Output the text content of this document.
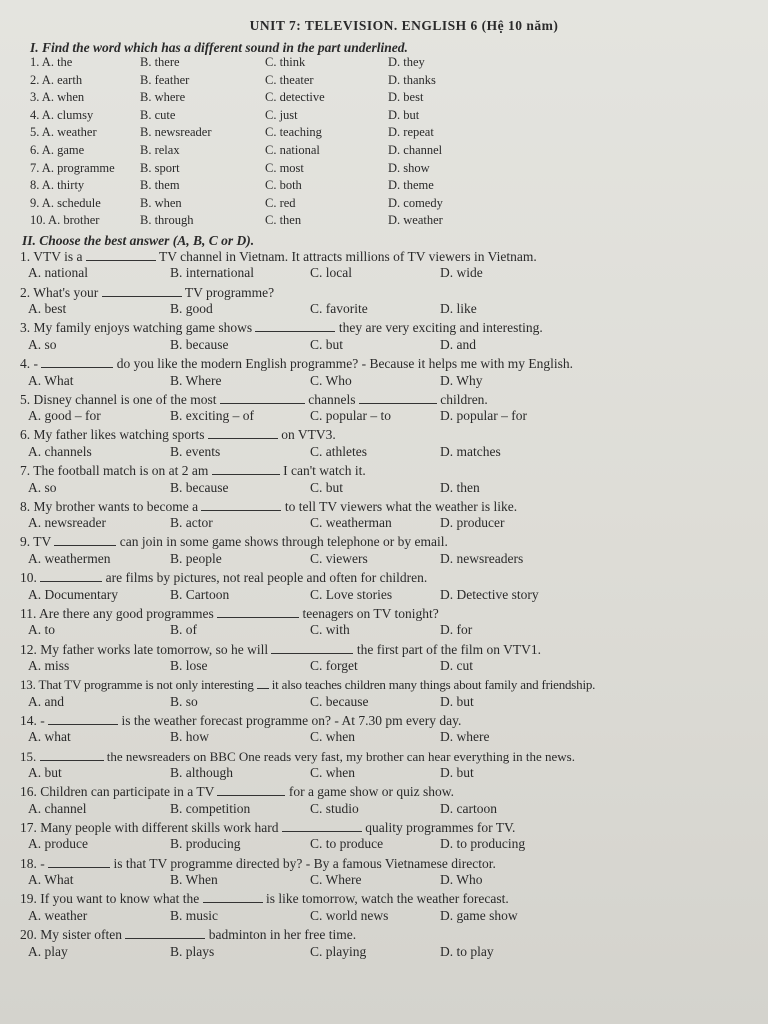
UNIT 7: TELEVISION. ENGLISH 6 (Hệ 10 năm)
I. Find the word which has a different sound in the part underlined.
1. A. the	B. there	C. think	D. they
2. A. earth	B. feather	C. theater	D. thanks
3. A. when	B. where	C. detective	D. best
4. A. clumsy	B. cute	C. just	D. but
5. A. weather	B. newsreader	C. teaching	D. repeat
6. A. game	B. relax	C. national	D. channel
7. A. programme B. sport	C. most	D. show
8. A. thirty	B. them	C. both	D. theme
9. A. schedule	B. when	C. red	D. comedy
10. A. brother	B. through	C. then	D. weather
II. Choose the best answer (A, B, C or D).
1. VTV is a	TV channel in Vietnam. It attracts millions of TV viewers in Vietnam.
A. national	B. international	C. local	D. wide
2. What's your	TV programme?
A. best	B. good	C. favorite	D. like
3. My family enjoys watching game shows	they are very exciting and interesting.
A. so	B. because	C. but	D. and
4. -	do you like the modern English programme? - Because it helps me with my English.
A. What	B. Where	C. Who	D. Why
5. Disney channel is one of the most	channels	children.
A. good – for	B. exciting – of	C. popular – to	D. popular – for
6. My father likes watching sports	on VTV3.
A. channels	B. events	C. athletes	D. matches
7. The football match is on at 2 am	I can't watch it.
A. so	B. because	C. but	D. then
8. My brother wants to become a	to tell TV viewers what the weather is like.
A. newsreader	B. actor	C. weatherman	D. producer
9. TV	can join in some game shows through telephone or by email.
A. weathermen	B. people	C. viewers	D. newsreaders
10.	are films by pictures, not real people and often for children.
A. Documentary	B. Cartoon	C. Love stories	D. Detective story
11. Are there any good programmes	teenagers on TV tonight?
A. to	B. of	C. with	D. for
12. My father works late tomorrow, so he will	the first part of the film on VTV1.
A. miss	B. lose	C. forget	D. cut
13. That TV programme is not only interesting  it also teaches children many things about family and friendship.
A. and	B. so	C. because	D. but
14. -	is the weather forecast programme on? - At 7.30 pm every day.
A. what	B. how	C. when	D. where
15.	the newsreaders on BBC One reads very fast, my brother can hear everything in the news.
A. but	B. although	C. when	D. but
16. Children can participate in a TV	for a game show or quiz show.
A. channel	B. competition	C. studio	D. cartoon
17. Many people with different skills work hard	quality programmes for TV.
A. produce	B. producing	C. to produce	D. to producing
18. -	is that TV programme directed by? - By a famous Vietnamese director.
A. What	B. When	C. Where	D. Who
19. If you want to know what the	is like tomorrow, watch the weather forecast.
A. weather	B. music	C. world news	D. game show
20. My sister often	badminton in her free time.
A. play	B. plays	C. playing	D. to play
